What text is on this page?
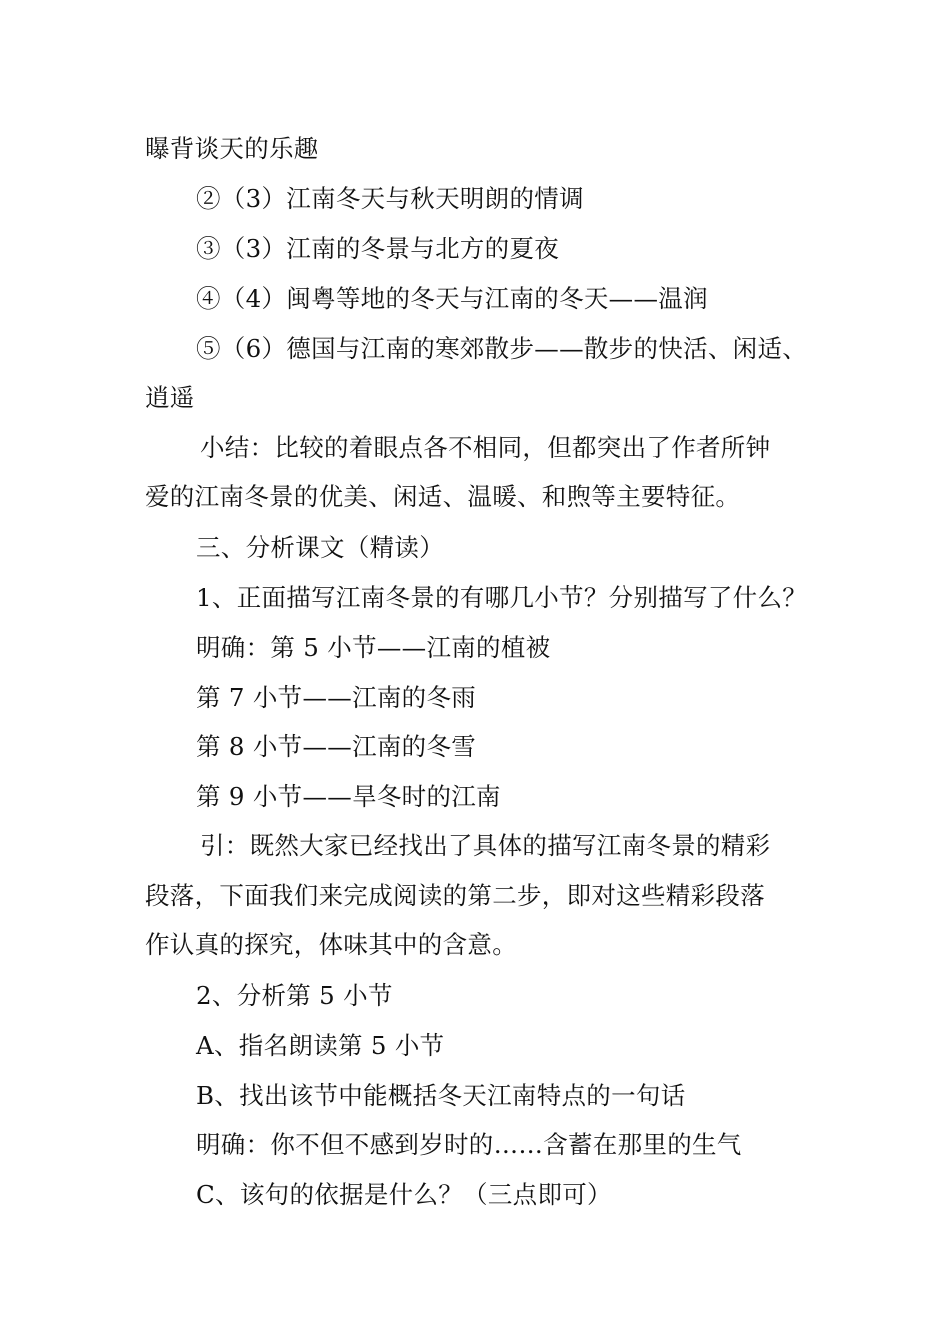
曝背谈天的乐趣
②（3）江南冬天与秋天明朗的情调
③（3）江南的冬景与北方的夏夜
④（4）闽粤等地的冬天与江南的冬天——温润
⑤（6）德国与江南的寒郊散步——散步的快活、闲适、
逍遥
小结：比较的着眼点各不相同，但都突出了作者所钟
爱的江南冬景的优美、闲适、温暖、和煦等主要特征。
三、分析课文（精读）
1、正面描写江南冬景的有哪几小节？分别描写了什么？
明确：第 5 小节——江南的植被
第 7 小节——江南的冬雨
第 8 小节——江南的冬雪
第 9 小节——旱冬时的江南
引：既然大家已经找出了具体的描写江南冬景的精彩
段落，下面我们来完成阅读的第二步，即对这些精彩段落
作认真的探究，体味其中的含意。
2、分析第 5 小节
A、指名朗读第 5 小节
B、找出该节中能概括冬天江南特点的一句话
明确：你不但不感到岁时的……含蓄在那里的生气
C、该句的依据是什么？（三点即可）
